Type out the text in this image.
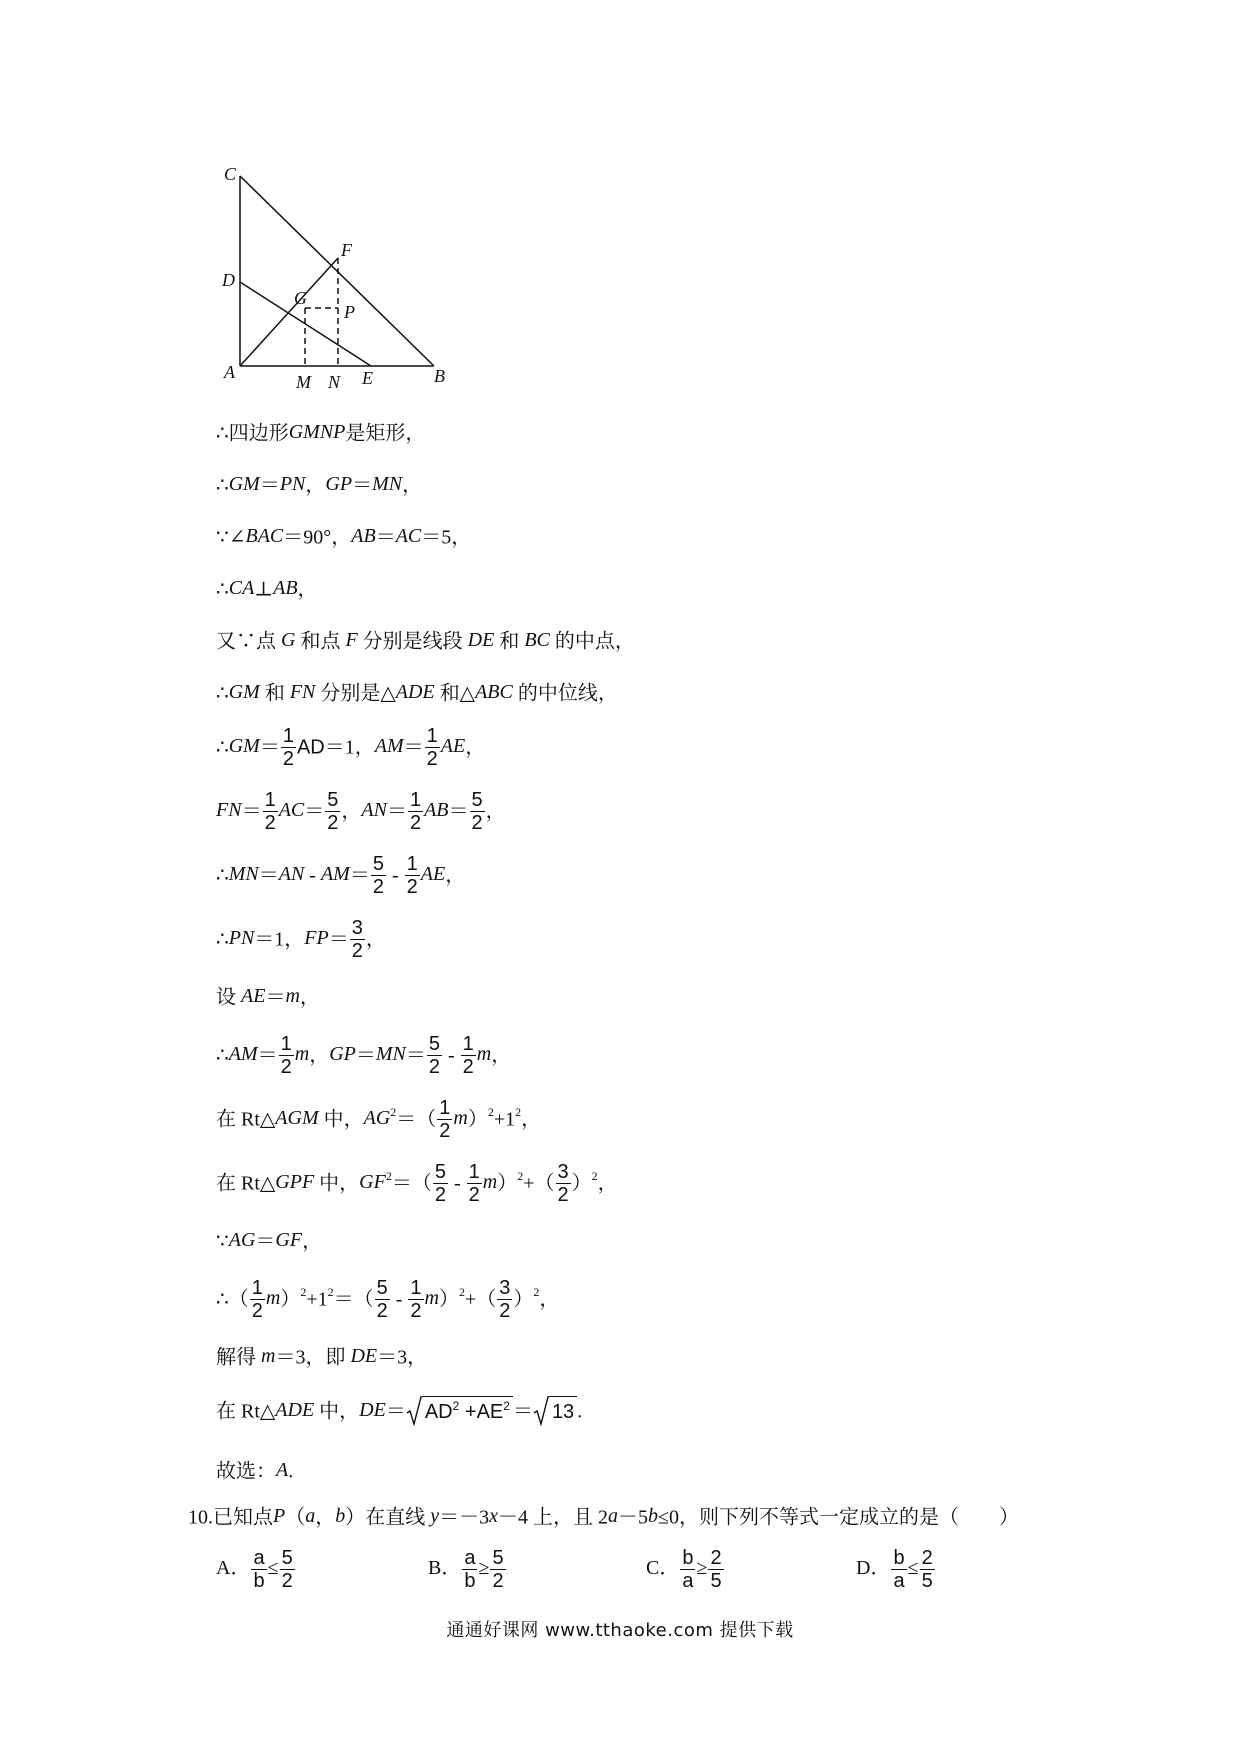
C
D
F
G
P
A	M N E	B
∴四边形GMNP是矩形，
∴GM＝PN，GP＝MN，
∵∠BAC＝90°，AB＝AC＝5，
∴CA⊥AB，
又∵点 G 和点 F 分别是线段 DE 和 BC 的中点，
∴GM 和 FN 分别是△ADE 和△ABC 的中位线，
∴GM＝ $\frac{1}{2} AD=1$，$AM= \frac{1}{2}$ AE，
$FN= \frac{1}{2} AC= \frac{5}{2}$ ，$AN= \frac{1}{2} AB= \frac{5}{2}$ ，
∴MN＝AN - $AM= \frac{5}{2} - \frac{1}{2}$ AE，
∴PN＝1，$FP= \frac{3}{2}$ ，
设 AE＝m，
∴AM＝ $\frac{1}{2}$ m，$GP=MN= \frac{5}{2} - \frac{1}{2}$ m，
在 Rt△AGM 中，$AG^2=( \frac{1}{2} m)^2+1^2$，
在 Rt△GPF 中，$GF^2=( \frac{5}{2} - \frac{1}{2} m)^2+( \frac{3}{2} )^2$，
∵AG＝GF，
∴（ $\frac{1}{2} m)^2+1^2=( \frac{5}{2} - \frac{1}{2} m)^2+( \frac{3}{2} )^2$，
解得 m＝3，即 DE＝3，
在 Rt△ADE 中，$DE= AD^2 +AE^2 = 13$ .
故选：A.
10.已知点P（a，b）在直线 y＝－3x－4 上，且 2a－5b≤0，则下列不等式一定成立的是（　　）
A． $\frac{a}{b} \le \frac{5}{2}$	B． $\frac{a}{b} \ge \frac{5}{2}$	C． $\frac{b}{a} \ge \frac{2}{5}$	D． $\frac{b}{a} \le \frac{2}{5}$
通通好课网 www.tthaoke.com 提供下载
